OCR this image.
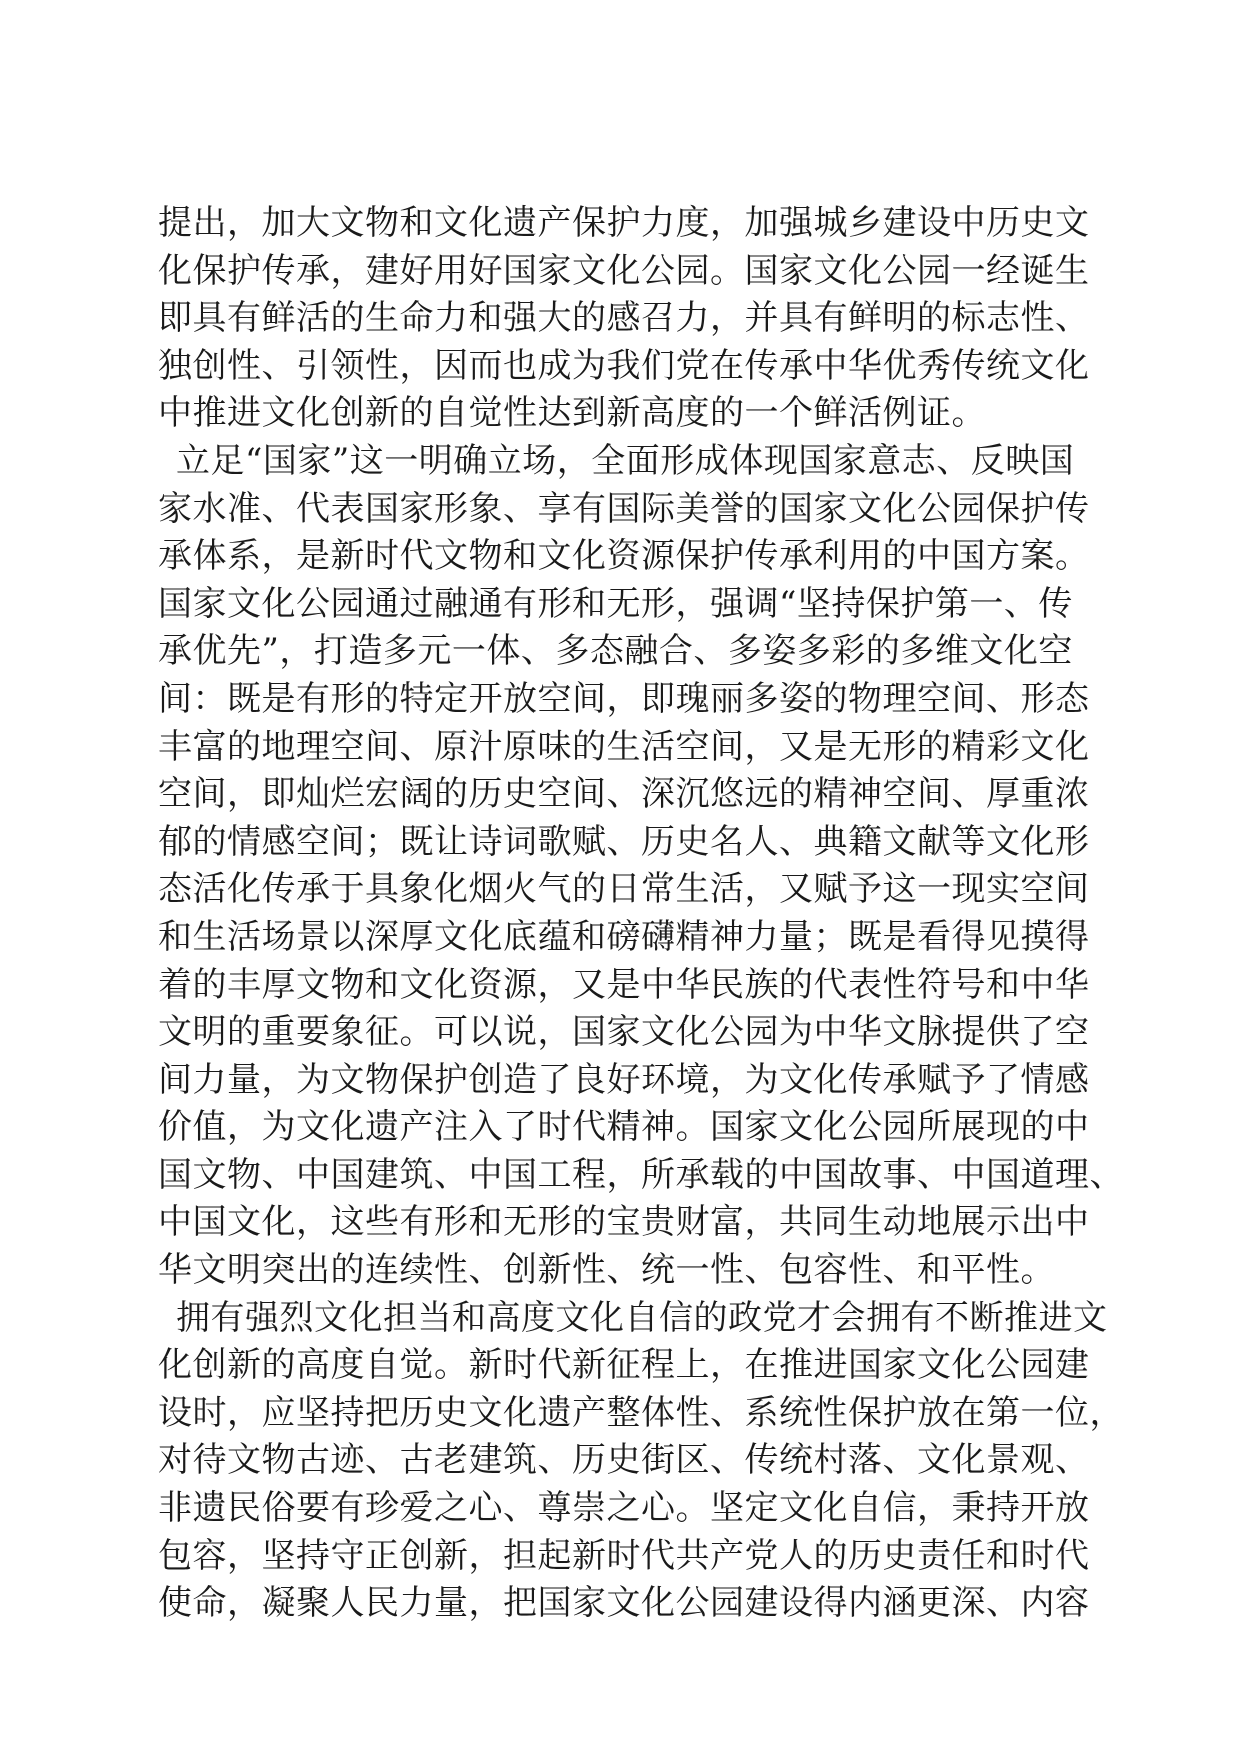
提出，加大文物和文化遗产保护力度，加强城乡建设中历史文
化保护传承，建好用好国家文化公园。国家文化公园一经诞生
即具有鲜活的生命力和强大的感召力，并具有鲜明的标志性、
独创性、引领性，因而也成为我们党在传承中华优秀传统文化
中推进文化创新的自觉性达到新高度的一个鲜活例证。
立足“国家”这一明确立场，全面形成体现国家意志、反映国
家水准、代表国家形象、享有国际美誉的国家文化公园保护传
承体系，是新时代文物和文化资源保护传承利用的中国方案。
国家文化公园通过融通有形和无形，强调“坚持保护第一、传
承优先”，打造多元一体、多态融合、多姿多彩的多维文化空
间：既是有形的特定开放空间，即瑰丽多姿的物理空间、形态
丰富的地理空间、原汁原味的生活空间，又是无形的精彩文化
空间，即灿烂宏阔的历史空间、深沉悠远的精神空间、厚重浓
郁的情感空间；既让诗词歌赋、历史名人、典籍文献等文化形
态活化传承于具象化烟火气的日常生活，又赋予这一现实空间
和生活场景以深厚文化底蕴和磅礴精神力量；既是看得见摸得
着的丰厚文物和文化资源，又是中华民族的代表性符号和中华
文明的重要象征。可以说，国家文化公园为中华文脉提供了空
间力量，为文物保护创造了良好环境，为文化传承赋予了情感
价值，为文化遗产注入了时代精神。国家文化公园所展现的中
国文物、中国建筑、中国工程，所承载的中国故事、中国道理、
中国文化，这些有形和无形的宝贵财富，共同生动地展示出中
华文明突出的连续性、创新性、统一性、包容性、和平性。
拥有强烈文化担当和高度文化自信的政党才会拥有不断推进文
化创新的高度自觉。新时代新征程上，在推进国家文化公园建
设时，应坚持把历史文化遗产整体性、系统性保护放在第一位，
对待文物古迹、古老建筑、历史街区、传统村落、文化景观、
非遗民俗要有珍爱之心、尊崇之心。坚定文化自信，秉持开放
包容，坚持守正创新，担起新时代共产党人的历史责任和时代
使命，凝聚人民力量，把国家文化公园建设得内涵更深、内容
